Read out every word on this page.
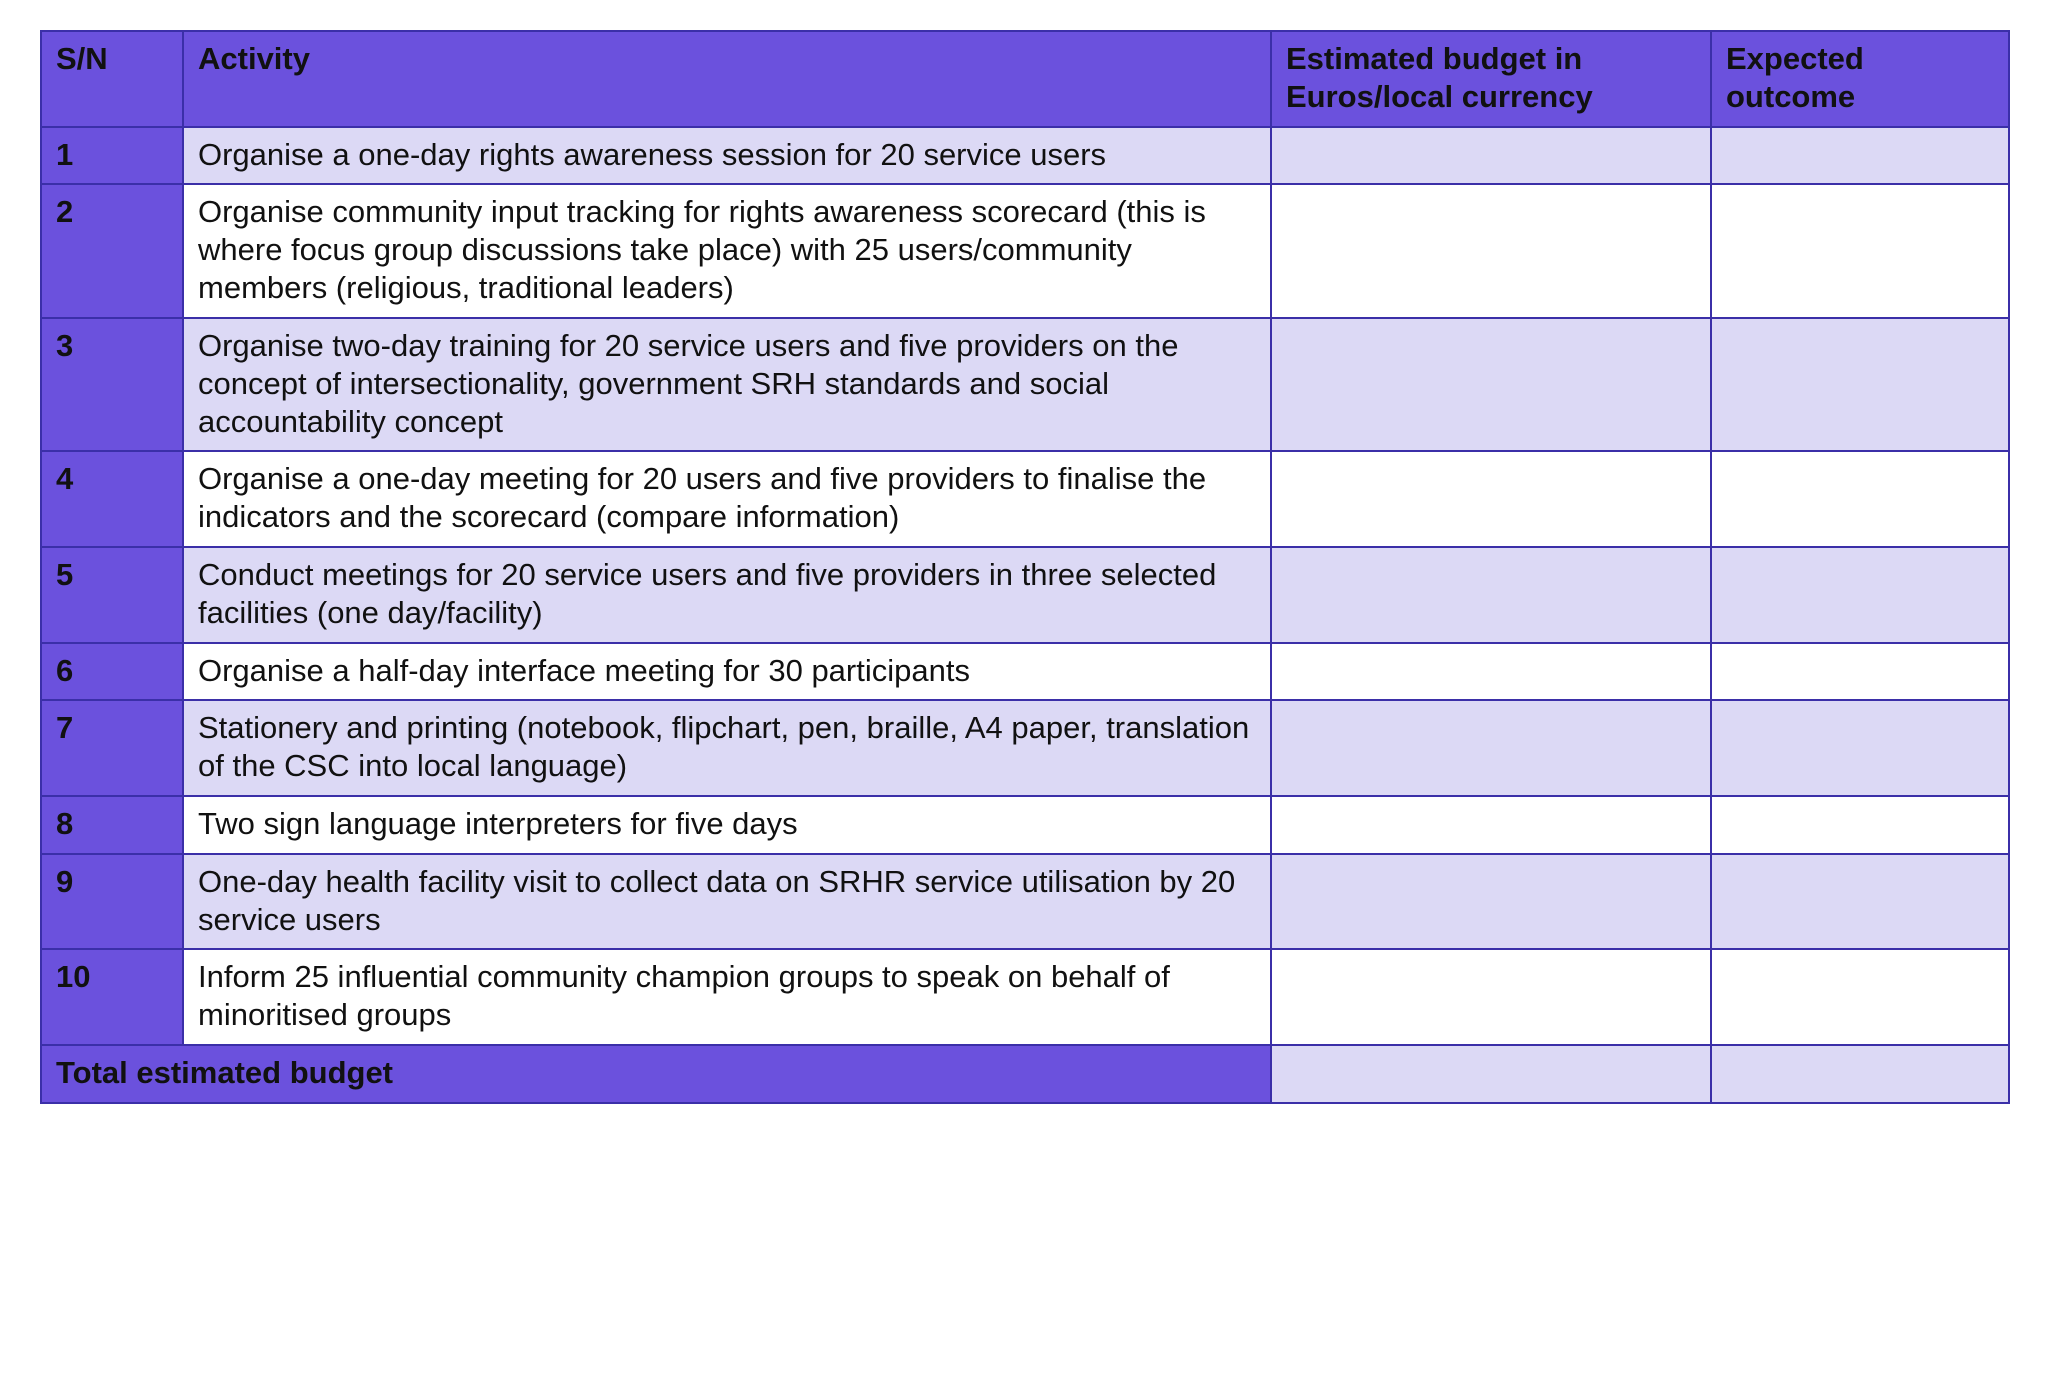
S/N	Activity	Estimated budget in Euros/local currency	Expected outcome
1	Organise a one-day rights awareness session for 20 service users		
2	Organise community input tracking for rights awareness scorecard (this is where focus group discussions take place) with 25 users/community members (religious, traditional leaders)		
3	Organise two-day training for 20 service users and five providers on the concept of intersectionality, government SRH standards and social accountability concept		
4	Organise a one-day meeting for 20 users and five providers to finalise the indicators and the scorecard (compare information)		
5	Conduct meetings for 20 service users and five providers in three selected facilities (one day/facility)		
6	Organise a half-day interface meeting for 30 participants		
7	Stationery and printing (notebook, flipchart, pen, braille, A4 paper, translation of the CSC into local language)		
8	Two sign language interpreters for five days		
9	One-day health facility visit to collect data on SRHR service utilisation by 20 service users		
10	Inform 25 influential community champion groups to speak on behalf of minoritised groups		
Total estimated budget			
